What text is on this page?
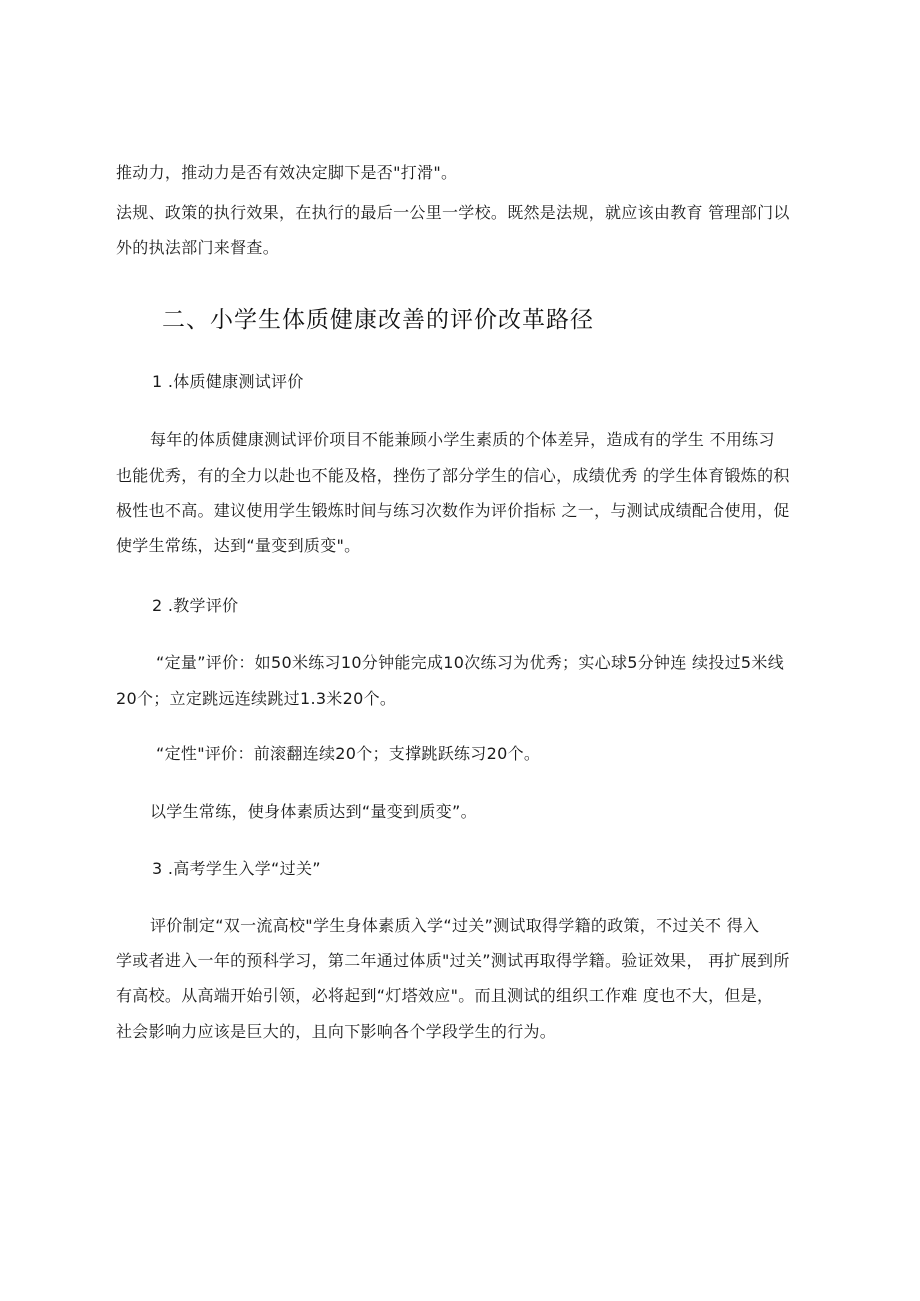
推动力，推动力是否有效决定脚下是否"打滑"。
法规、政策的执行效果，在执行的最后一公里一学校。既然是法规，就应该由教育 管理部门以
外的执法部门来督查。
二、小学生体质健康改善的评价改革路径
1 .体质健康测试评价
每年的体质健康测试评价项目不能兼顾小学生素质的个体差异，造成有的学生 不用练习
也能优秀，有的全力以赴也不能及格，挫伤了部分学生的信心，成绩优秀 的学生体育锻炼的积
极性也不高。建议使用学生锻炼时间与练习次数作为评价指标 之一，与测试成绩配合使用，促
使学生常练，达到“量变到质变"。
2 .教学评价
“定量”评价：如50米练习10分钟能完成10次练习为优秀；实心球5分钟连 续投过5米线
20个；立定跳远连续跳过1.3米20个。
“定性"评价：前滚翻连续20个；支撑跳跃练习20个。
以学生常练，使身体素质达到“量变到质变”。
3 .高考学生入学“过关”
评价制定“双一流高校"学生身体素质入学“过关”测试取得学籍的政策，不过关不 得入
学或者进入一年的预科学习，第二年通过体质"过关”测试再取得学籍。验证效果， 再扩展到所
有高校。从高端开始引领，必将起到“灯塔效应"。而且测试的组织工作难 度也不大，但是，
社会影响力应该是巨大的，且向下影响各个学段学生的行为。
